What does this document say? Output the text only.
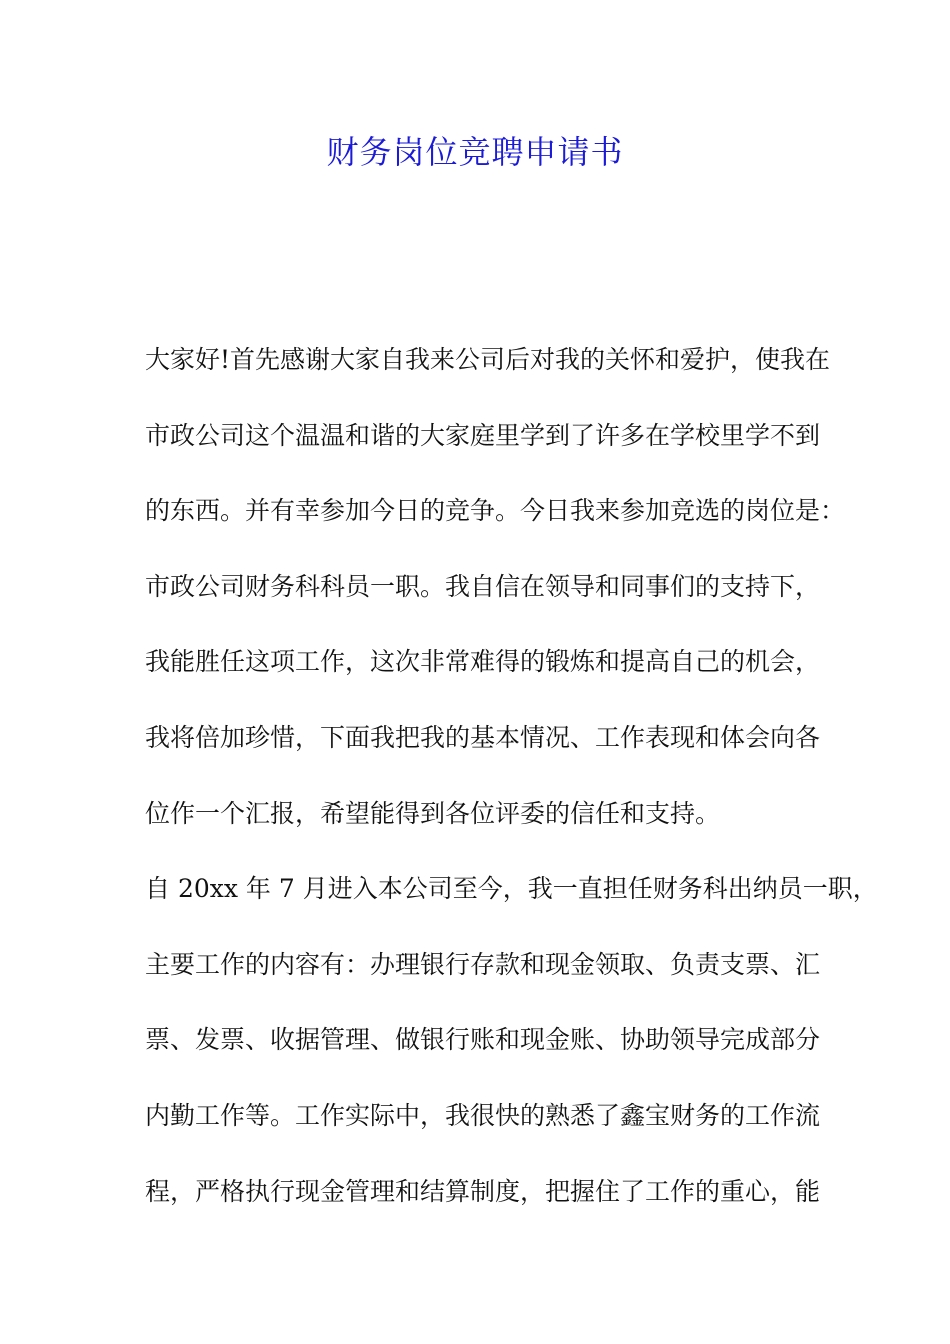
财务岗位竞聘申请书
大家好!首先感谢大家自我来公司后对我的关怀和爱护，使我在
市政公司这个温温和谐的大家庭里学到了许多在学校里学不到
的东西。并有幸参加今日的竞争。今日我来参加竞选的岗位是：
市政公司财务科科员一职。我自信在领导和同事们的支持下，
我能胜任这项工作，这次非常难得的锻炼和提高自己的机会，
我将倍加珍惜，下面我把我的基本情况、工作表现和体会向各
位作一个汇报，希望能得到各位评委的信任和支持。
自 20xx 年 7 月进入本公司至今，我一直担任财务科出纳员一职，
主要工作的内容有：办理银行存款和现金领取、负责支票、汇
票、发票、收据管理、做银行账和现金账、协助领导完成部分
内勤工作等。工作实际中，我很快的熟悉了鑫宝财务的工作流
程，严格执行现金管理和结算制度，把握住了工作的重心，能
